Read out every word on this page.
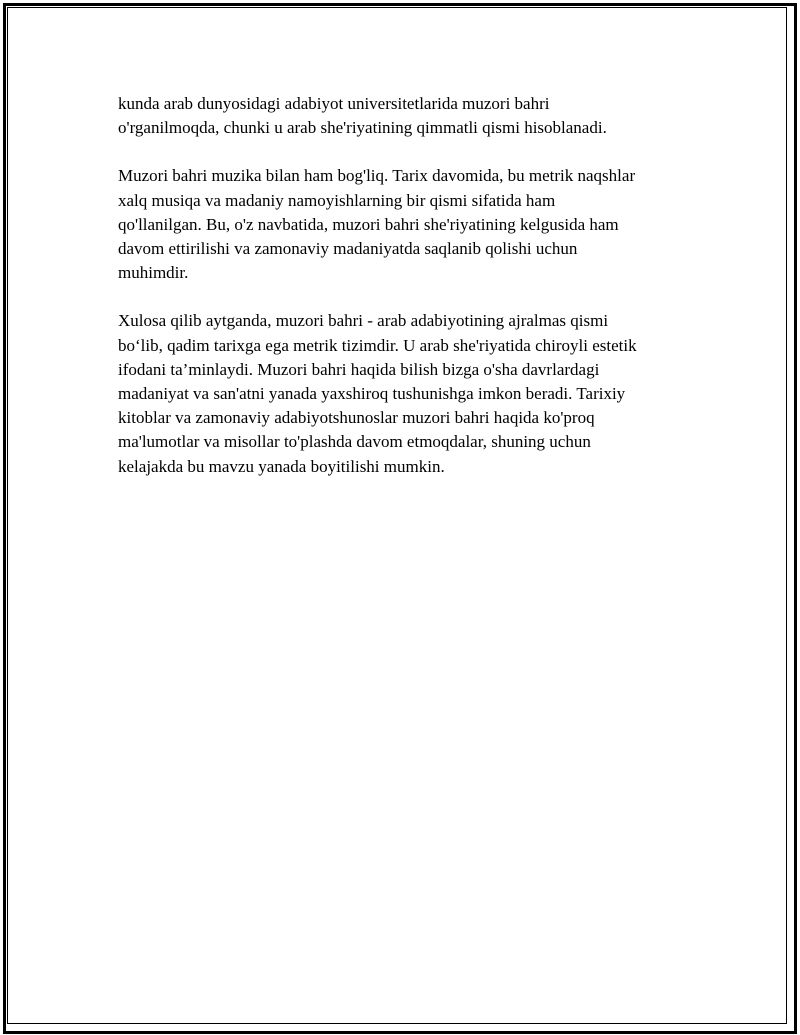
kunda arab dunyosidagi adabiyot universitetlarida muzori bahri
o'rganilmoqda, chunki u arab she'riyatining qimmatli qismi hisoblanadi.

Muzori bahri muzika bilan ham bog'liq. Tarix davomida, bu metrik naqshlar
xalq musiqa va madaniy namoyishlarning bir qismi sifatida ham
qo'llanilgan. Bu, o'z navbatida, muzori bahri she'riyatining kelgusida ham
davom ettirilishi va zamonaviy madaniyatda saqlanib qolishi uchun
muhimdir.

Xulosa qilib aytganda, muzori bahri - arab adabiyotining ajralmas qismi
bo‘lib, qadim tarixga ega metrik tizimdir. U arab she'riyatida chiroyli estetik
ifodani ta’minlaydi. Muzori bahri haqida bilish bizga o'sha davrlardagi
madaniyat va san'atni yanada yaxshiroq tushunishga imkon beradi. Tarixiy
kitoblar va zamonaviy adabiyotshunoslar muzori bahri haqida ko'proq
ma'lumotlar va misollar to'plashda davom etmoqdalar, shuning uchun
kelajakda bu mavzu yanada boyitilishi mumkin.
